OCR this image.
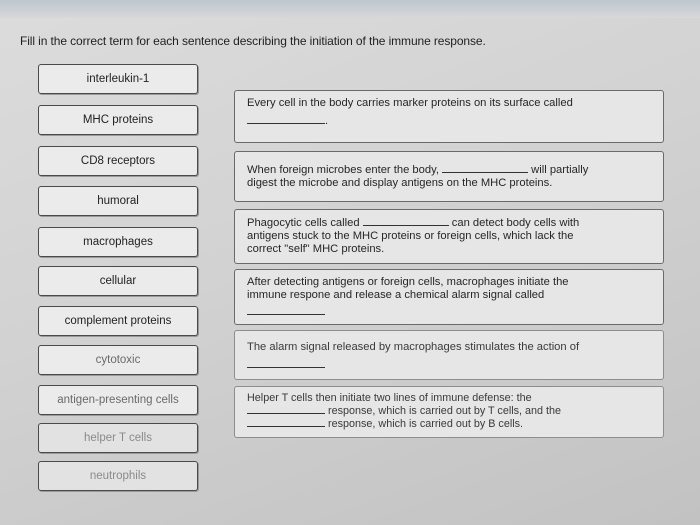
Fill in the correct term for each sentence describing the initiation of the immune response.
interleukin-1
MHC proteins
CD8 receptors
humoral
macrophages
cellular
complement proteins
cytotoxic
antigen-presenting cells
helper T cells
neutrophils
Every cell in the body carries marker proteins on its surface called
.
When foreign microbes enter the body,	will partially
digest the microbe and display antigens on the MHC proteins.
Phagocytic cells called	can detect body cells with
antigens stuck to the MHC proteins or foreign cells, which lack the
correct "self" MHC proteins.
After detecting antigens or foreign cells, macrophages initiate the
immune respone and release a chemical alarm signal called
The alarm signal released by macrophages stimulates the action of
Helper T cells then initiate two lines of immune defense: the
response, which is carried out by T cells, and the
response, which is carried out by B cells.
